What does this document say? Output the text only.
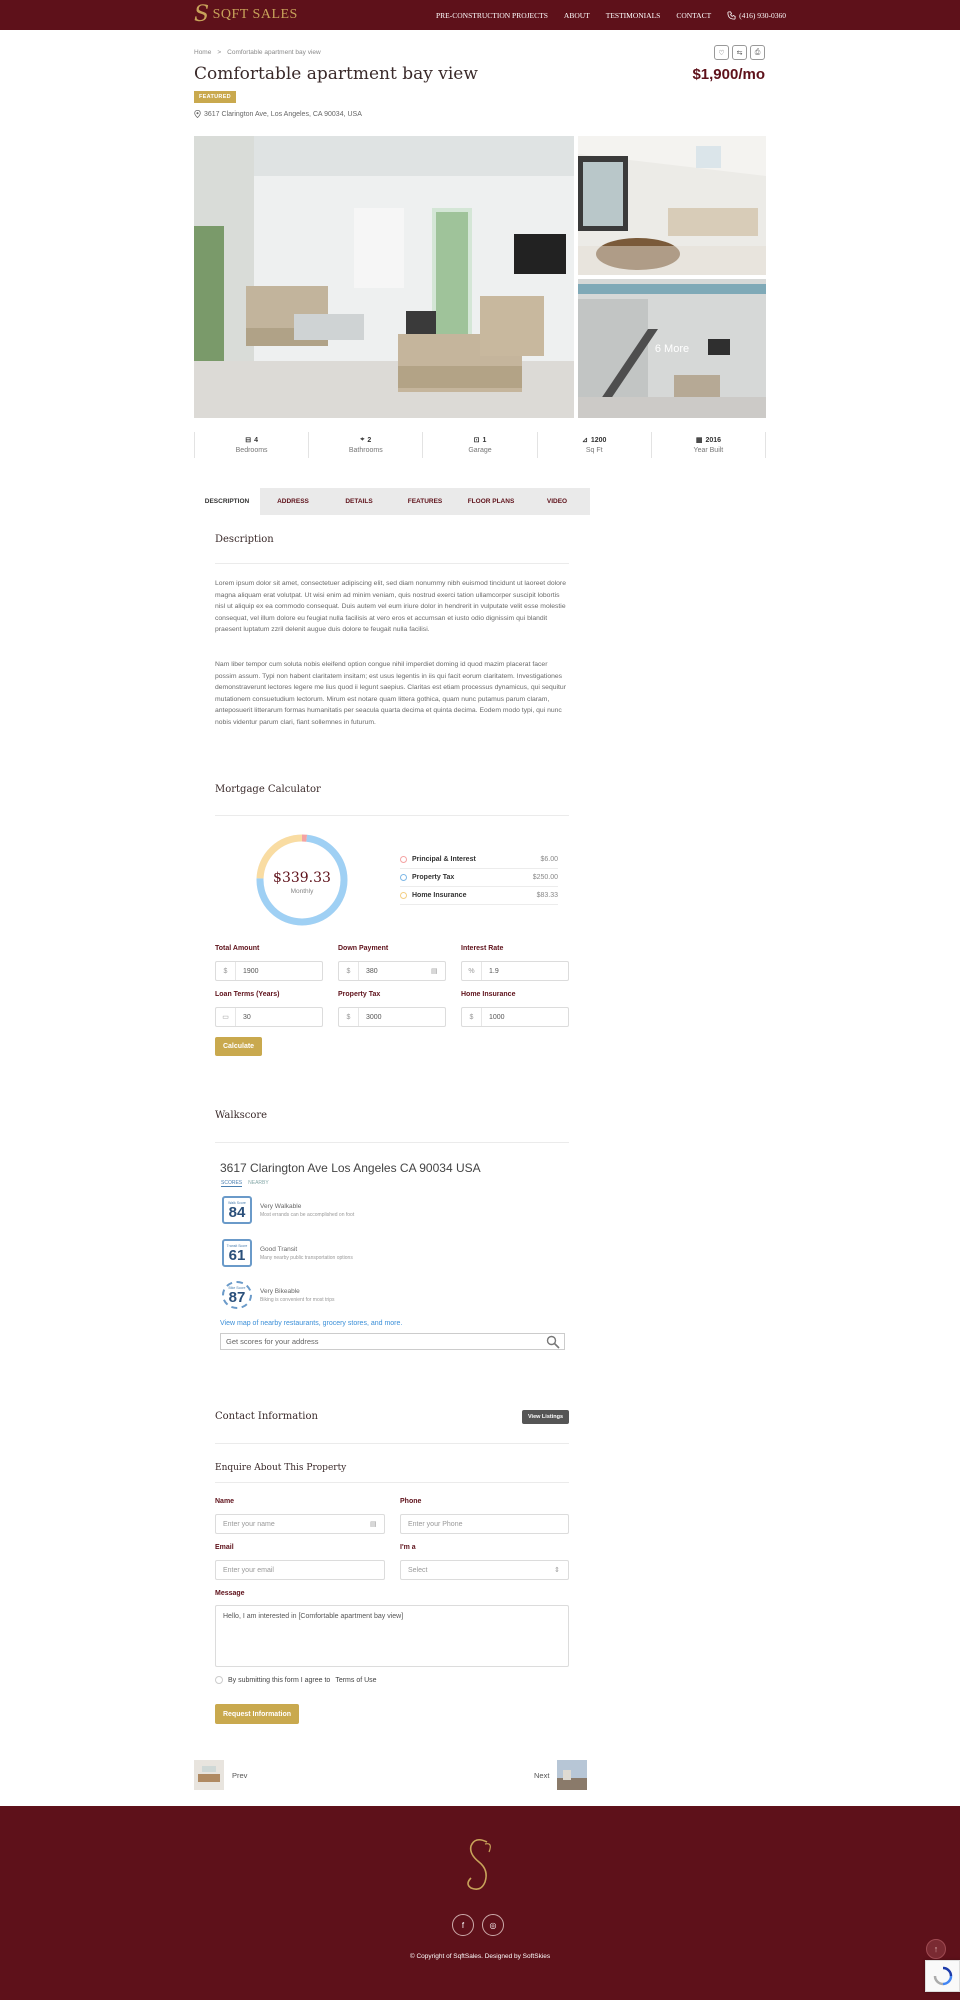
S SQFT SALES	PRE-CONSTRUCTION PROJECTS ABOUT TESTIMONIALS CONTACT	(416) 930-0360
Home > Comfortable apartment bay view
Comfortable apartment bay view
FEATURED
3617 Clarington Ave, Los Angeles, CA 90034, USA
♡ ⇆ ⎙
$1,900/mo
6 More
⊟ 4
Bedrooms
⌖ 2
Bathrooms
⊡ 1
Garage
⊿ 1200
Sq Ft
▦ 2016
Year Built
DESCRIPTION	ADDRESS	DETAILS	FEATURES	FLOOR PLANS	VIDEO
Description
Lorem ipsum dolor sit amet, consectetuer adipiscing elit, sed diam nonummy nibh euismod tincidunt ut laoreet dolore magna aliquam erat volutpat. Ut wisi enim ad minim veniam, quis nostrud exerci tation ullamcorper suscipit lobortis nisl ut aliquip ex ea commodo consequat. Duis autem vel eum iriure dolor in hendrerit in vulputate velit esse molestie consequat, vel illum dolore eu feugiat nulla facilisis at vero eros et accumsan et iusto odio dignissim qui blandit praesent luptatum zzril delenit augue duis dolore te feugait nulla facilisi.
Nam liber tempor cum soluta nobis eleifend option congue nihil imperdiet doming id quod mazim placerat facer possim assum. Typi non habent claritatem insitam; est usus legentis in iis qui facit eorum claritatem. Investigationes demonstraverunt lectores legere me lius quod ii legunt saepius. Claritas est etiam processus dynamicus, qui sequitur mutationem consuetudium lectorum. Mirum est notare quam littera gothica, quam nunc putamus parum claram, anteposuerit litterarum formas humanitatis per seacula quarta decima et quinta decima. Eodem modo typi, qui nunc nobis videntur parum clari, fiant sollemnes in futurum.
Mortgage Calculator
$339.33
Monthly
Principal & Interest	$6.00
Property Tax	$250.00
Home Insurance	$83.33
Total Amount
$	1900
Down Payment
$	380	▤
Interest Rate
%	1.9
Loan Terms (Years)
▭	30
Property Tax
$	3000
Home Insurance
$	1000
Calculate
Walkscore
3617 Clarington Ave Los Angeles CA 90034 USA
SCORES NEARBY
Walk Score
84 Very Walkable
Most errands can be accomplished on foot
Transit Score
61 Good Transit
Many nearby public transportation options
Bike Score
87 Very Bikeable
Biking is convenient for most trips
View map of nearby restaurants, grocery stores, and more.
Get scores for your address
Contact Information	View Listings
Enquire About This Property
Name
Enter your name	▤
Phone
Enter your Phone
Email
Enter your email
I'm a
Select	⇕
Message
Hello, I am interested in [Comfortable apartment bay view]
By submitting this form I agree to Terms of Use
Request Information
Prev	Next
f	◎
© Copyright of SqftSales. Designed by SoftSkies
↑
